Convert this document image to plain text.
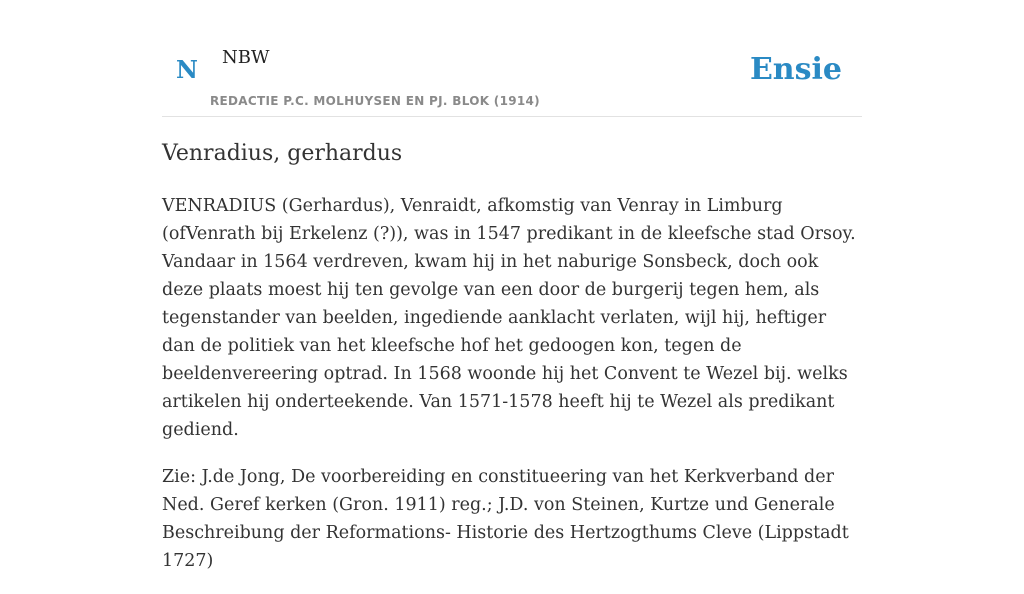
N NBW
REDACTIE P.C. MOLHUYSEN EN PJ. BLOK (1914)
Ensie
Venradius, gerhardus

VENRADIUS (Gerhardus), Venraidt, afkomstig van Venray in Limburg (ofVenrath bij Erkelenz (?)), was in 1547 predikant in de kleefsche stad Orsoy. Vandaar in 1564 verdreven, kwam hij in het naburige Sonsbeck, doch ook deze plaats moest hij ten gevolge van een door de burgerij tegen hem, als tegenstander van beelden, ingediende aanklacht verlaten, wijl hij, heftiger dan de politiek van het kleefsche hof het gedoogen kon, tegen de beeldenvereering optrad. In 1568 woonde hij het Convent te Wezel bij. welks artikelen hij onderteekende. Van 1571-1578 heeft hij te Wezel als predikant gediend.

Zie: J.de Jong, De voorbereiding en constitueering van het Kerkverband der Ned. Geref kerken (Gron. 1911) reg.; J.D. von Steinen, Kurtze und Generale Beschreibung der Reformations- Historie des Hertzogthums Cleve (Lippstadt 1727)
